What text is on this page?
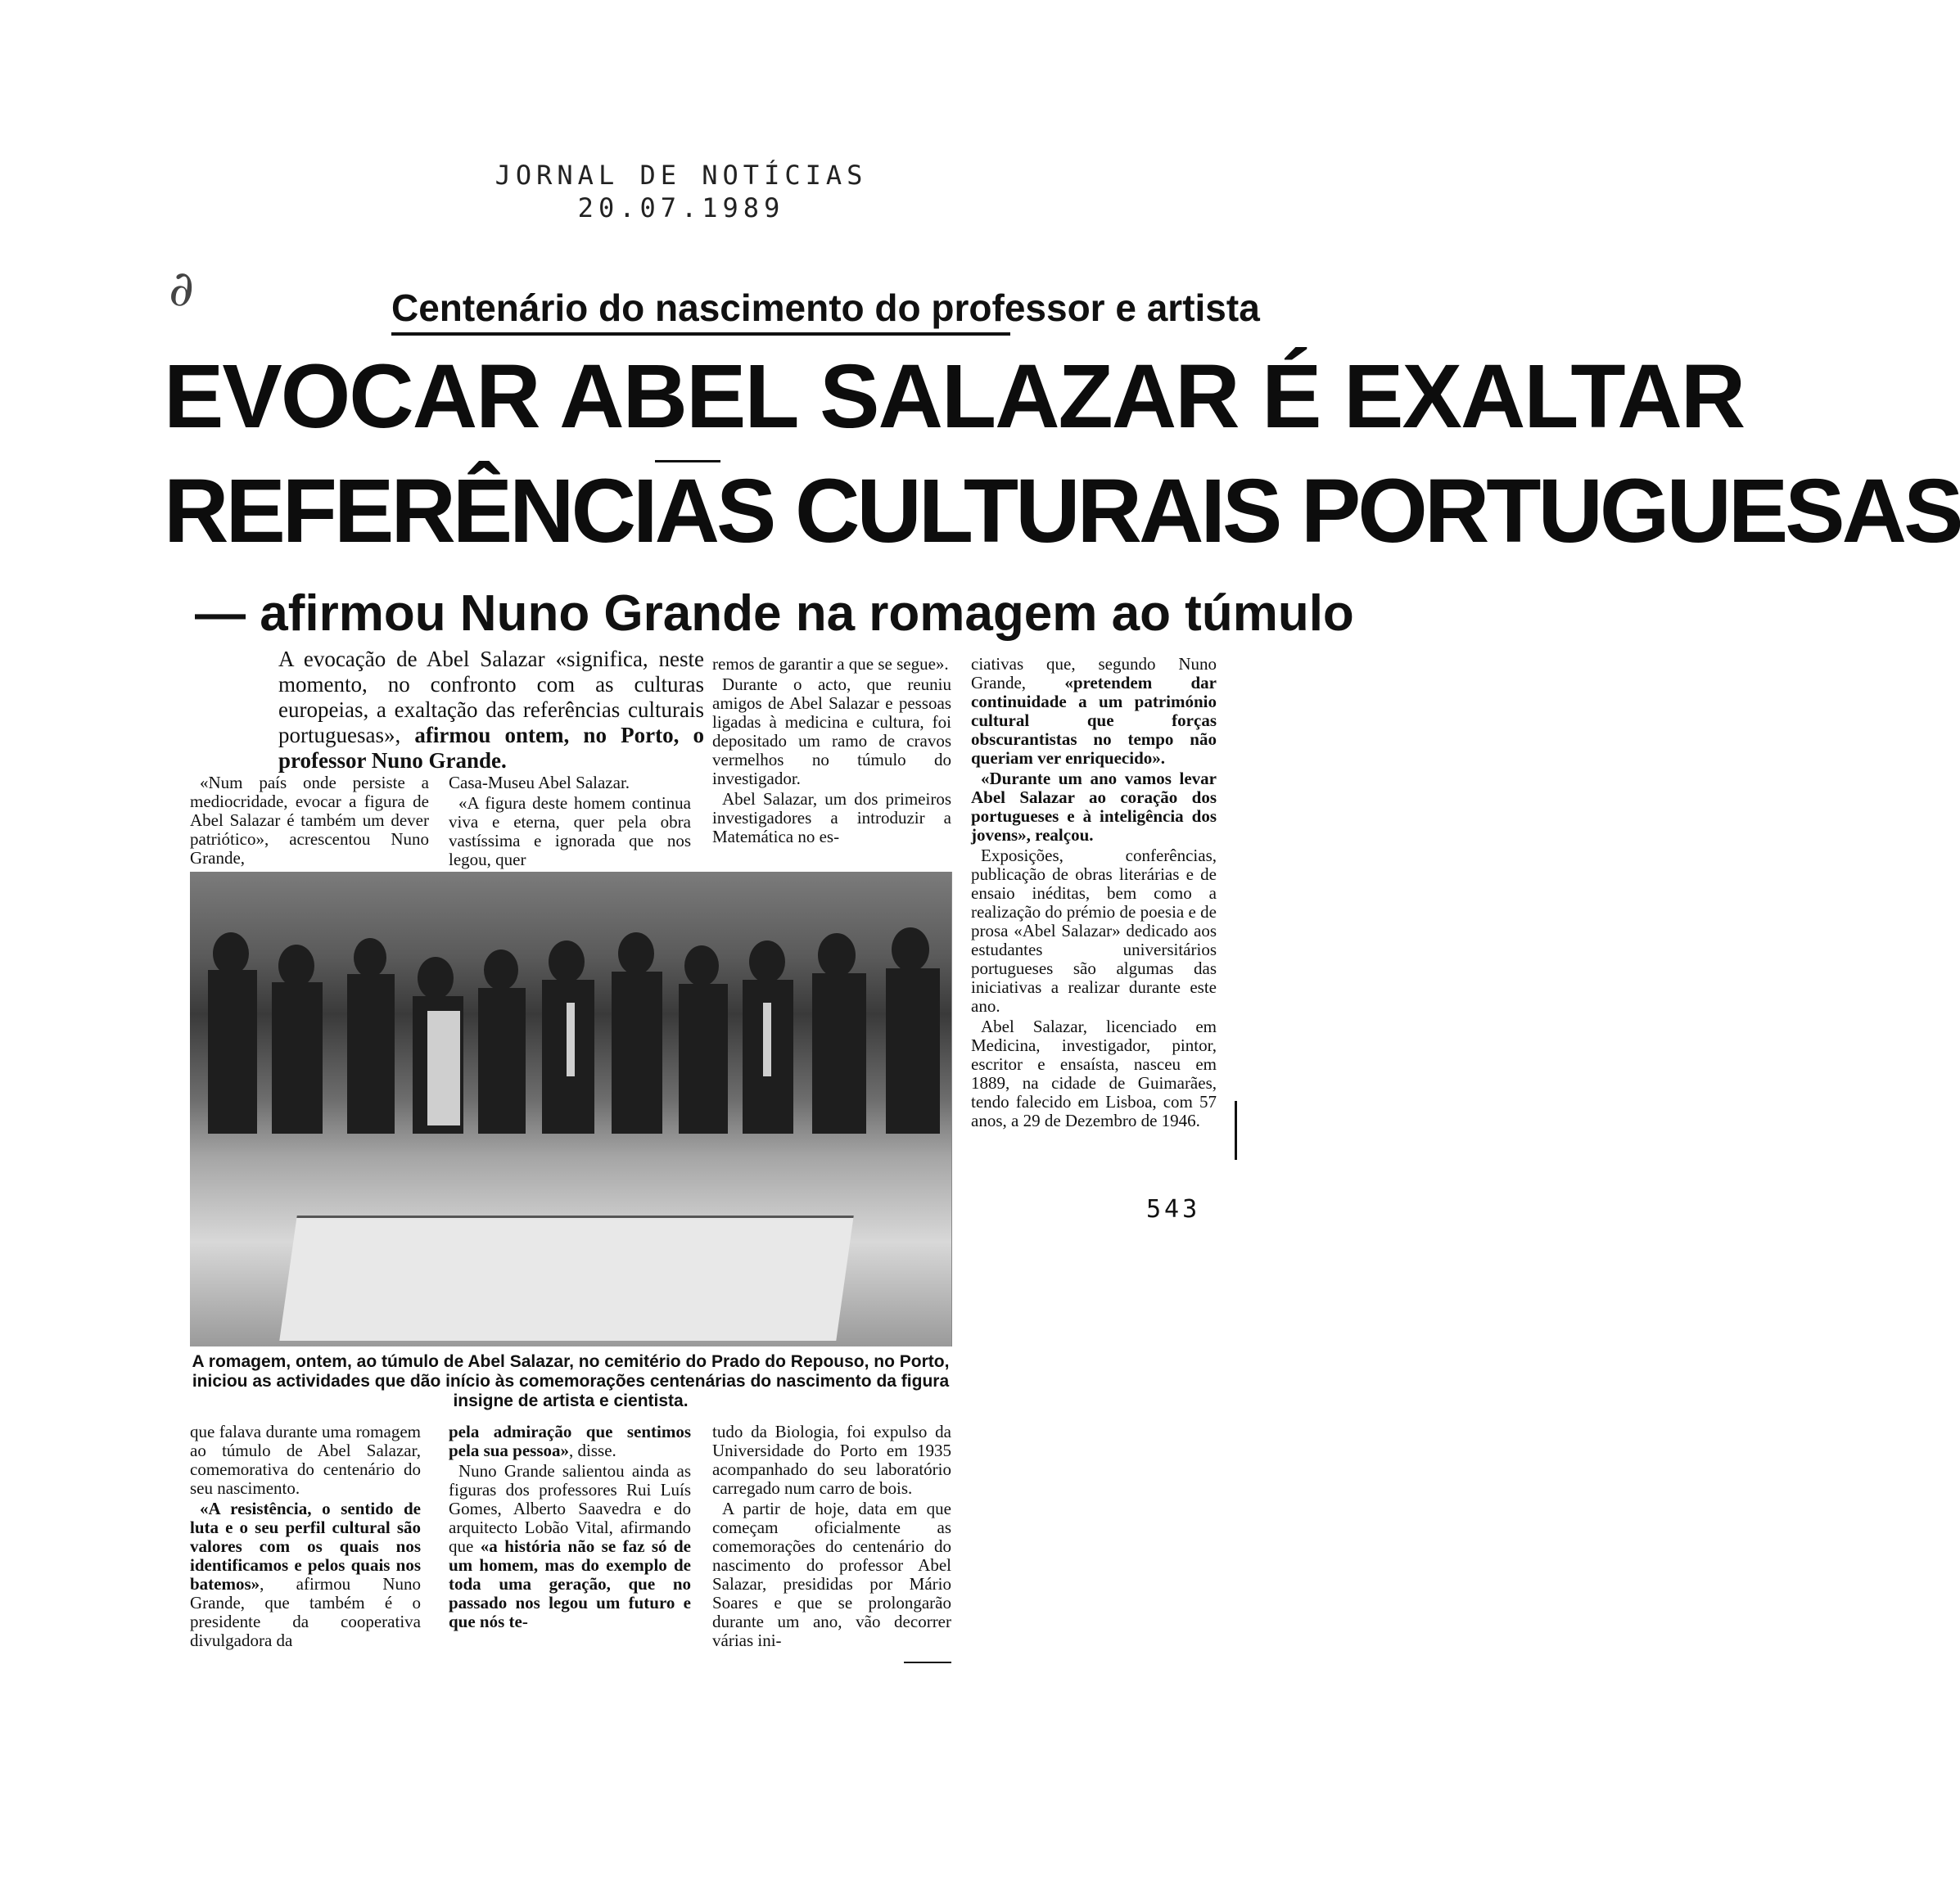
JORNAL DE NOTÍCIAS
20.07.1989
∂	Centenário do nascimento do professor e artista
EVOCAR ABEL SALAZAR É EXALTAR
REFERÊNCIAS CULTURAIS PORTUGUESAS
— afirmou Nuno Grande na romagem ao túmulo
A evocação de Abel Salazar «significa, neste momento, no confronto com as culturas europeias, a exaltação das referências culturais portuguesas», afirmou ontem, no Porto, o professor Nuno Grande.

«Num país onde persiste a mediocridade, evocar a figura de Abel Salazar é também um dever patriótico», acrescentou Nuno Grande,

Casa-Museu Abel Salazar.

«A figura deste homem continua viva e eterna, quer pela obra vastíssima e ignorada que nos legou, quer

remos de garantir a que se segue».

Durante o acto, que reuniu amigos de Abel Salazar e pessoas ligadas à medicina e cultura, foi depositado um ramo de cravos vermelhos no túmulo do investigador.

Abel Salazar, um dos primeiros investigadores a introduzir a Matemática no es-

ciativas que, segundo Nuno Grande, «pretendem dar continuidade a um património cultural que forças obscurantistas no tempo não queriam ver enriquecido».

«Durante um ano vamos levar Abel Salazar ao coração dos portugueses e à inteligência dos jovens», realçou.

Exposições, conferências, publicação de obras literárias e de ensaio inéditas, bem como a realização do prémio de poesia e de prosa «Abel Salazar» dedicado aos estudantes universitários portugueses são algumas das iniciativas a realizar durante este ano.

Abel Salazar, licenciado em Medicina, investigador, pintor, escritor e ensaísta, nasceu em 1889, na cidade de Guimarães, tendo falecido em Lisboa, com 57 anos, a 29 de Dezembro de 1946.

A romagem, ontem, ao túmulo de Abel Salazar, no cemitério do Prado do Repouso, no Porto, iniciou as actividades que dão início às comemorações centenárias do nascimento da figura insigne de artista e cientista.
543

que falava durante uma romagem ao túmulo de Abel Salazar, comemorativa do centenário do seu nascimento.

«A resistência, o sentido de luta e o seu perfil cultural são valores com os quais nos identificamos e pelos quais nos batemos», afirmou Nuno Grande, que também é o presidente da cooperativa divulgadora da

pela admiração que sentimos pela sua pessoa», disse.

Nuno Grande salientou ainda as figuras dos professores Rui Luís Gomes, Alberto Saavedra e do arquitecto Lobão Vital, afirmando que «a história não se faz só de um homem, mas do exemplo de toda uma geração, que no passado nos legou um futuro e que nós te-

tudo da Biologia, foi expulso da Universidade do Porto em 1935 acompanhado do seu laboratório carregado num carro de bois.

A partir de hoje, data em que começam oficialmente as comemorações do centenário do nascimento do professor Abel Salazar, presididas por Mário Soares e que se prolongarão durante um ano, vão decorrer várias ini-
